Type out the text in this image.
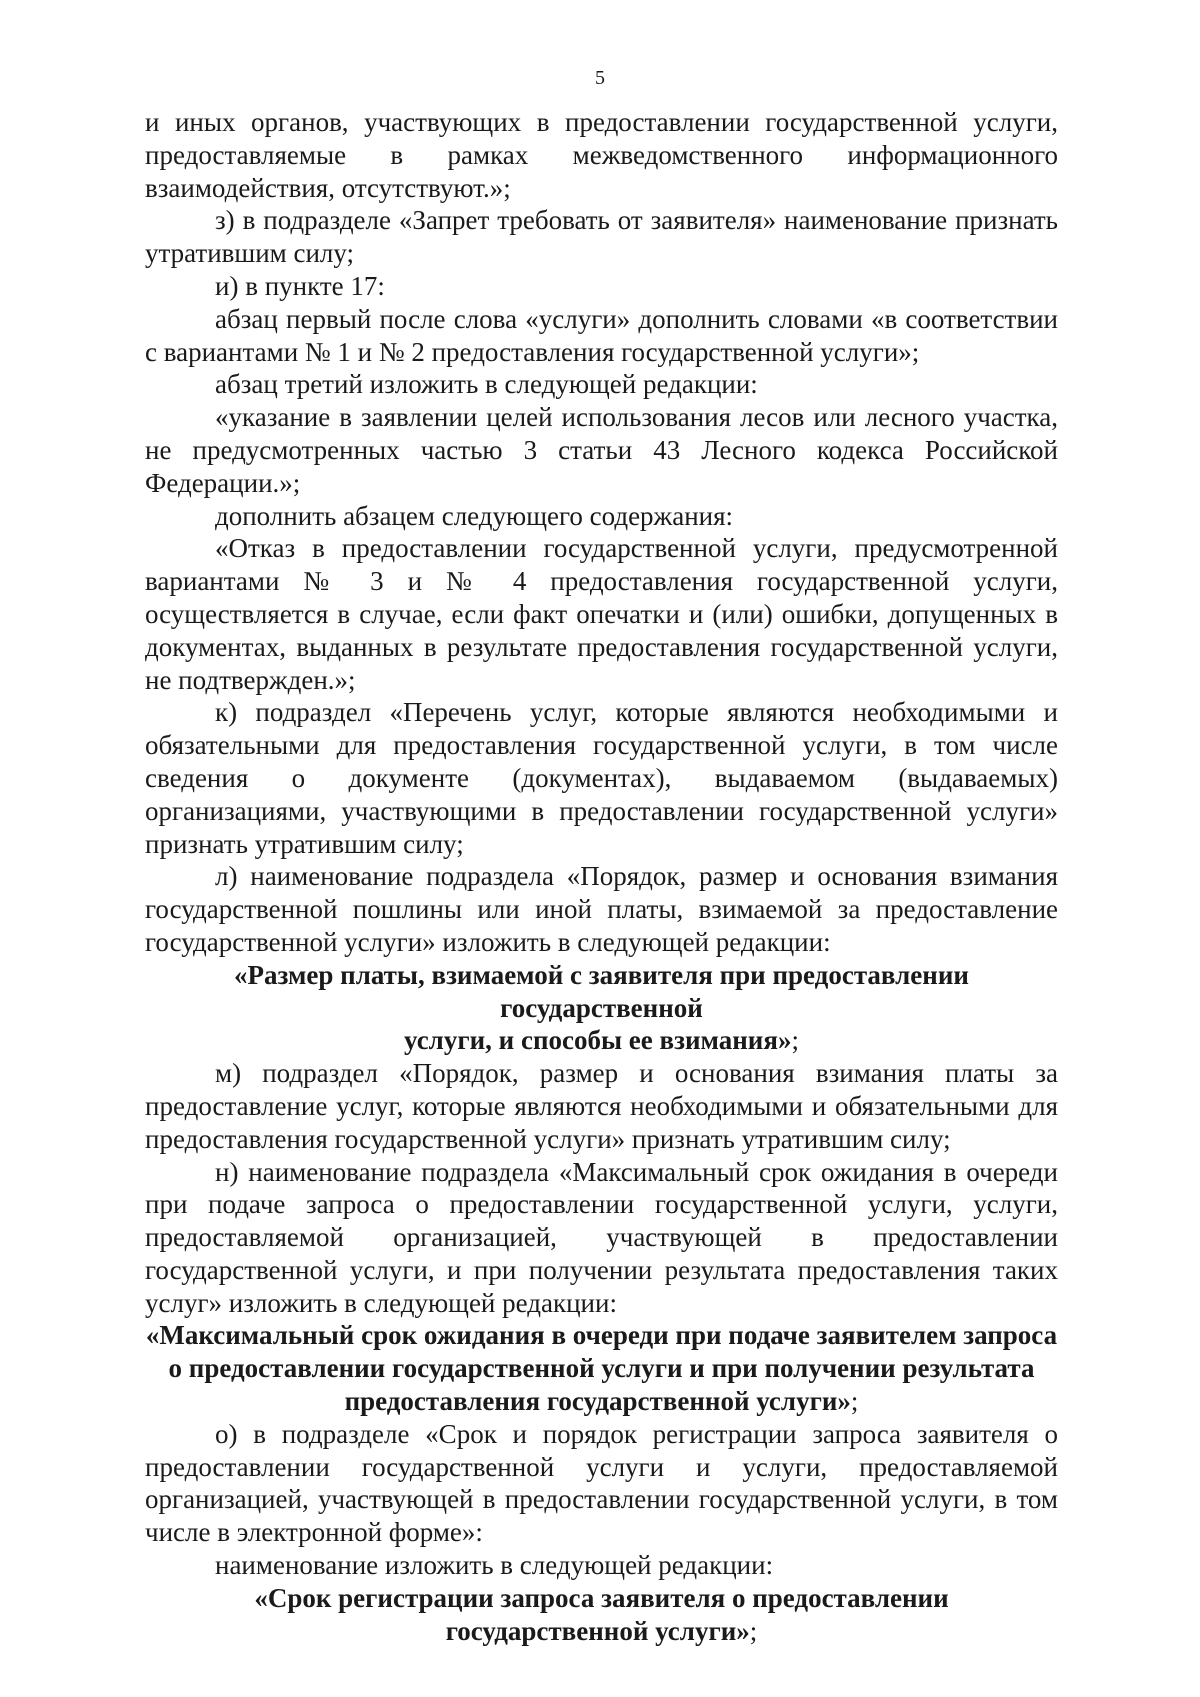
5

и иных органов, участвующих в предоставлении государственной услуги, предоставляемые в рамках межведомственного информационного взаимодействия, отсутствуют.»;

з) в подразделе «Запрет требовать от заявителя» наименование признать утратившим силу;

и) в пункте 17:

абзац первый после слова «услуги» дополнить словами «в соответствии с вариантами № 1 и № 2 предоставления государственной услуги»;

абзац третий изложить в следующей редакции:

«указание в заявлении целей использования лесов или лесного участка, не предусмотренных частью 3 статьи 43 Лесного кодекса Российской Федерации.»;

дополнить абзацем следующего содержания:

«Отказ в предоставлении государственной услуги, предусмотренной вариантами № 3 и № 4 предоставления государственной услуги, осуществляется в случае, если факт опечатки и (или) ошибки, допущенных в документах, выданных в результате предоставления государственной услуги, не подтвержден.»;

к) подраздел «Перечень услуг, которые являются необходимыми и обязательными для предоставления государственной услуги, в том числе сведения о документе (документах), выдаваемом (выдаваемых) организациями, участвующими в предоставлении государственной услуги» признать утратившим силу;

л) наименование подраздела «Порядок, размер и основания взимания государственной пошлины или иной платы, взимаемой за предоставление государственной услуги» изложить в следующей редакции:

«Размер платы, взимаемой с заявителя при предоставлении государственной
услуги, и способы ее взимания»;

м) подраздел «Порядок, размер и основания взимания платы за предоставление услуг, которые являются необходимыми и обязательными для предоставления государственной услуги» признать утратившим силу;

н) наименование подраздела «Максимальный срок ожидания в очереди при подаче запроса о предоставлении государственной услуги, услуги, предоставляемой организацией, участвующей в предоставлении государственной услуги, и при получении результата предоставления таких услуг» изложить в следующей редакции:

«Максимальный срок ожидания в очереди при подаче заявителем запроса
о предоставлении государственной услуги и при получении результата
предоставления государственной услуги»;

о) в подразделе «Срок и порядок регистрации запроса заявителя о предоставлении государственной услуги и услуги, предоставляемой организацией, участвующей в предоставлении государственной услуги, в том числе в электронной форме»:

наименование изложить в следующей редакции:

«Срок регистрации запроса заявителя о предоставлении
государственной услуги»;
